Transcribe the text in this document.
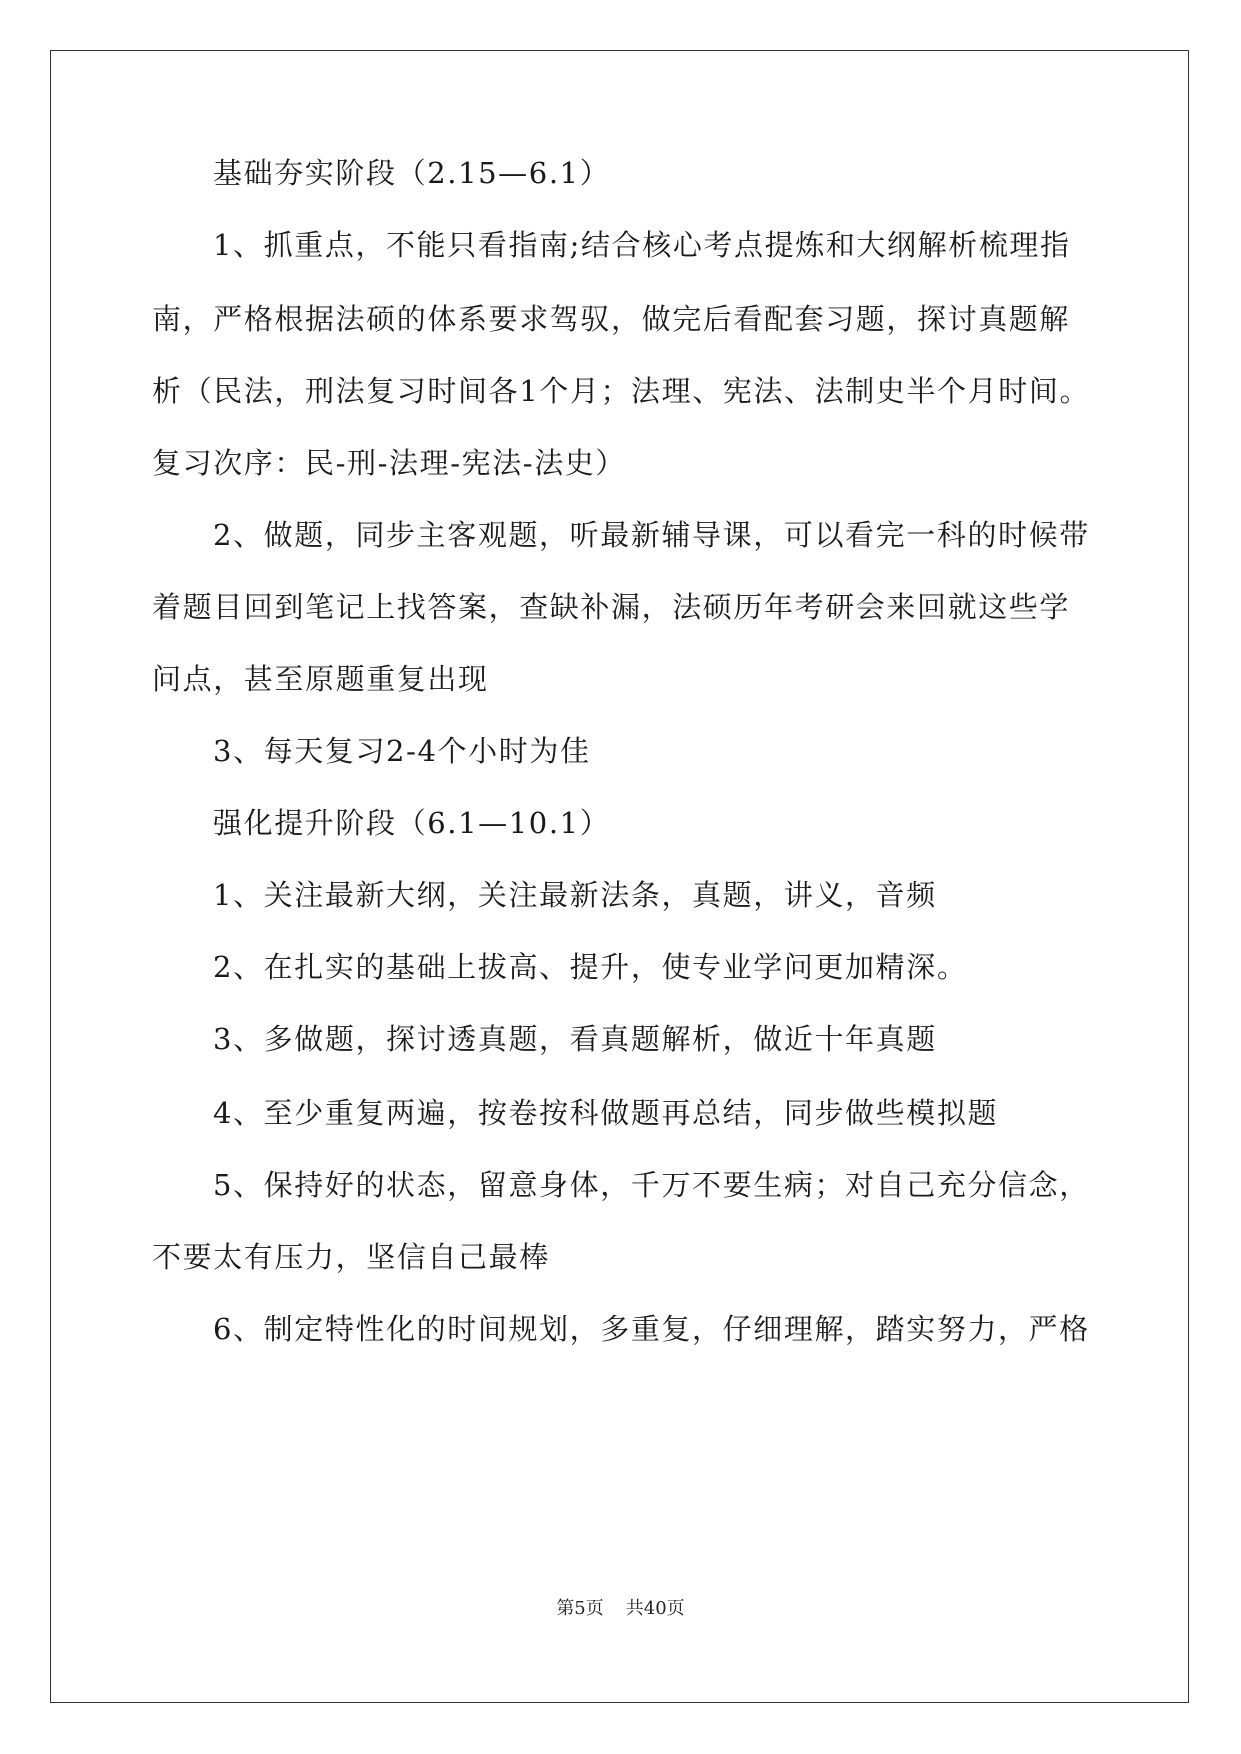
基础夯实阶段（2.15—6.1）
1、抓重点，不能只看指南;结合核心考点提炼和大纲解析梳理指
南，严格根据法硕的体系要求驾驭，做完后看配套习题，探讨真题解
析（民法，刑法复习时间各1个月；法理、宪法、法制史半个月时间。
复习次序：民-刑-法理-宪法-法史）
2、做题，同步主客观题，听最新辅导课，可以看完一科的时候带
着题目回到笔记上找答案，查缺补漏，法硕历年考研会来回就这些学
问点，甚至原题重复出现
3、每天复习2-4个小时为佳
强化提升阶段（6.1—10.1）
1、关注最新大纲，关注最新法条，真题，讲义，音频
2、在扎实的基础上拔高、提升，使专业学问更加精深。
3、多做题，探讨透真题，看真题解析，做近十年真题
4、至少重复两遍，按卷按科做题再总结，同步做些模拟题
5、保持好的状态，留意身体，千万不要生病；对自己充分信念，
不要太有压力，坚信自己最棒
6、制定特性化的时间规划，多重复，仔细理解，踏实努力，严格
第5页 共40页
